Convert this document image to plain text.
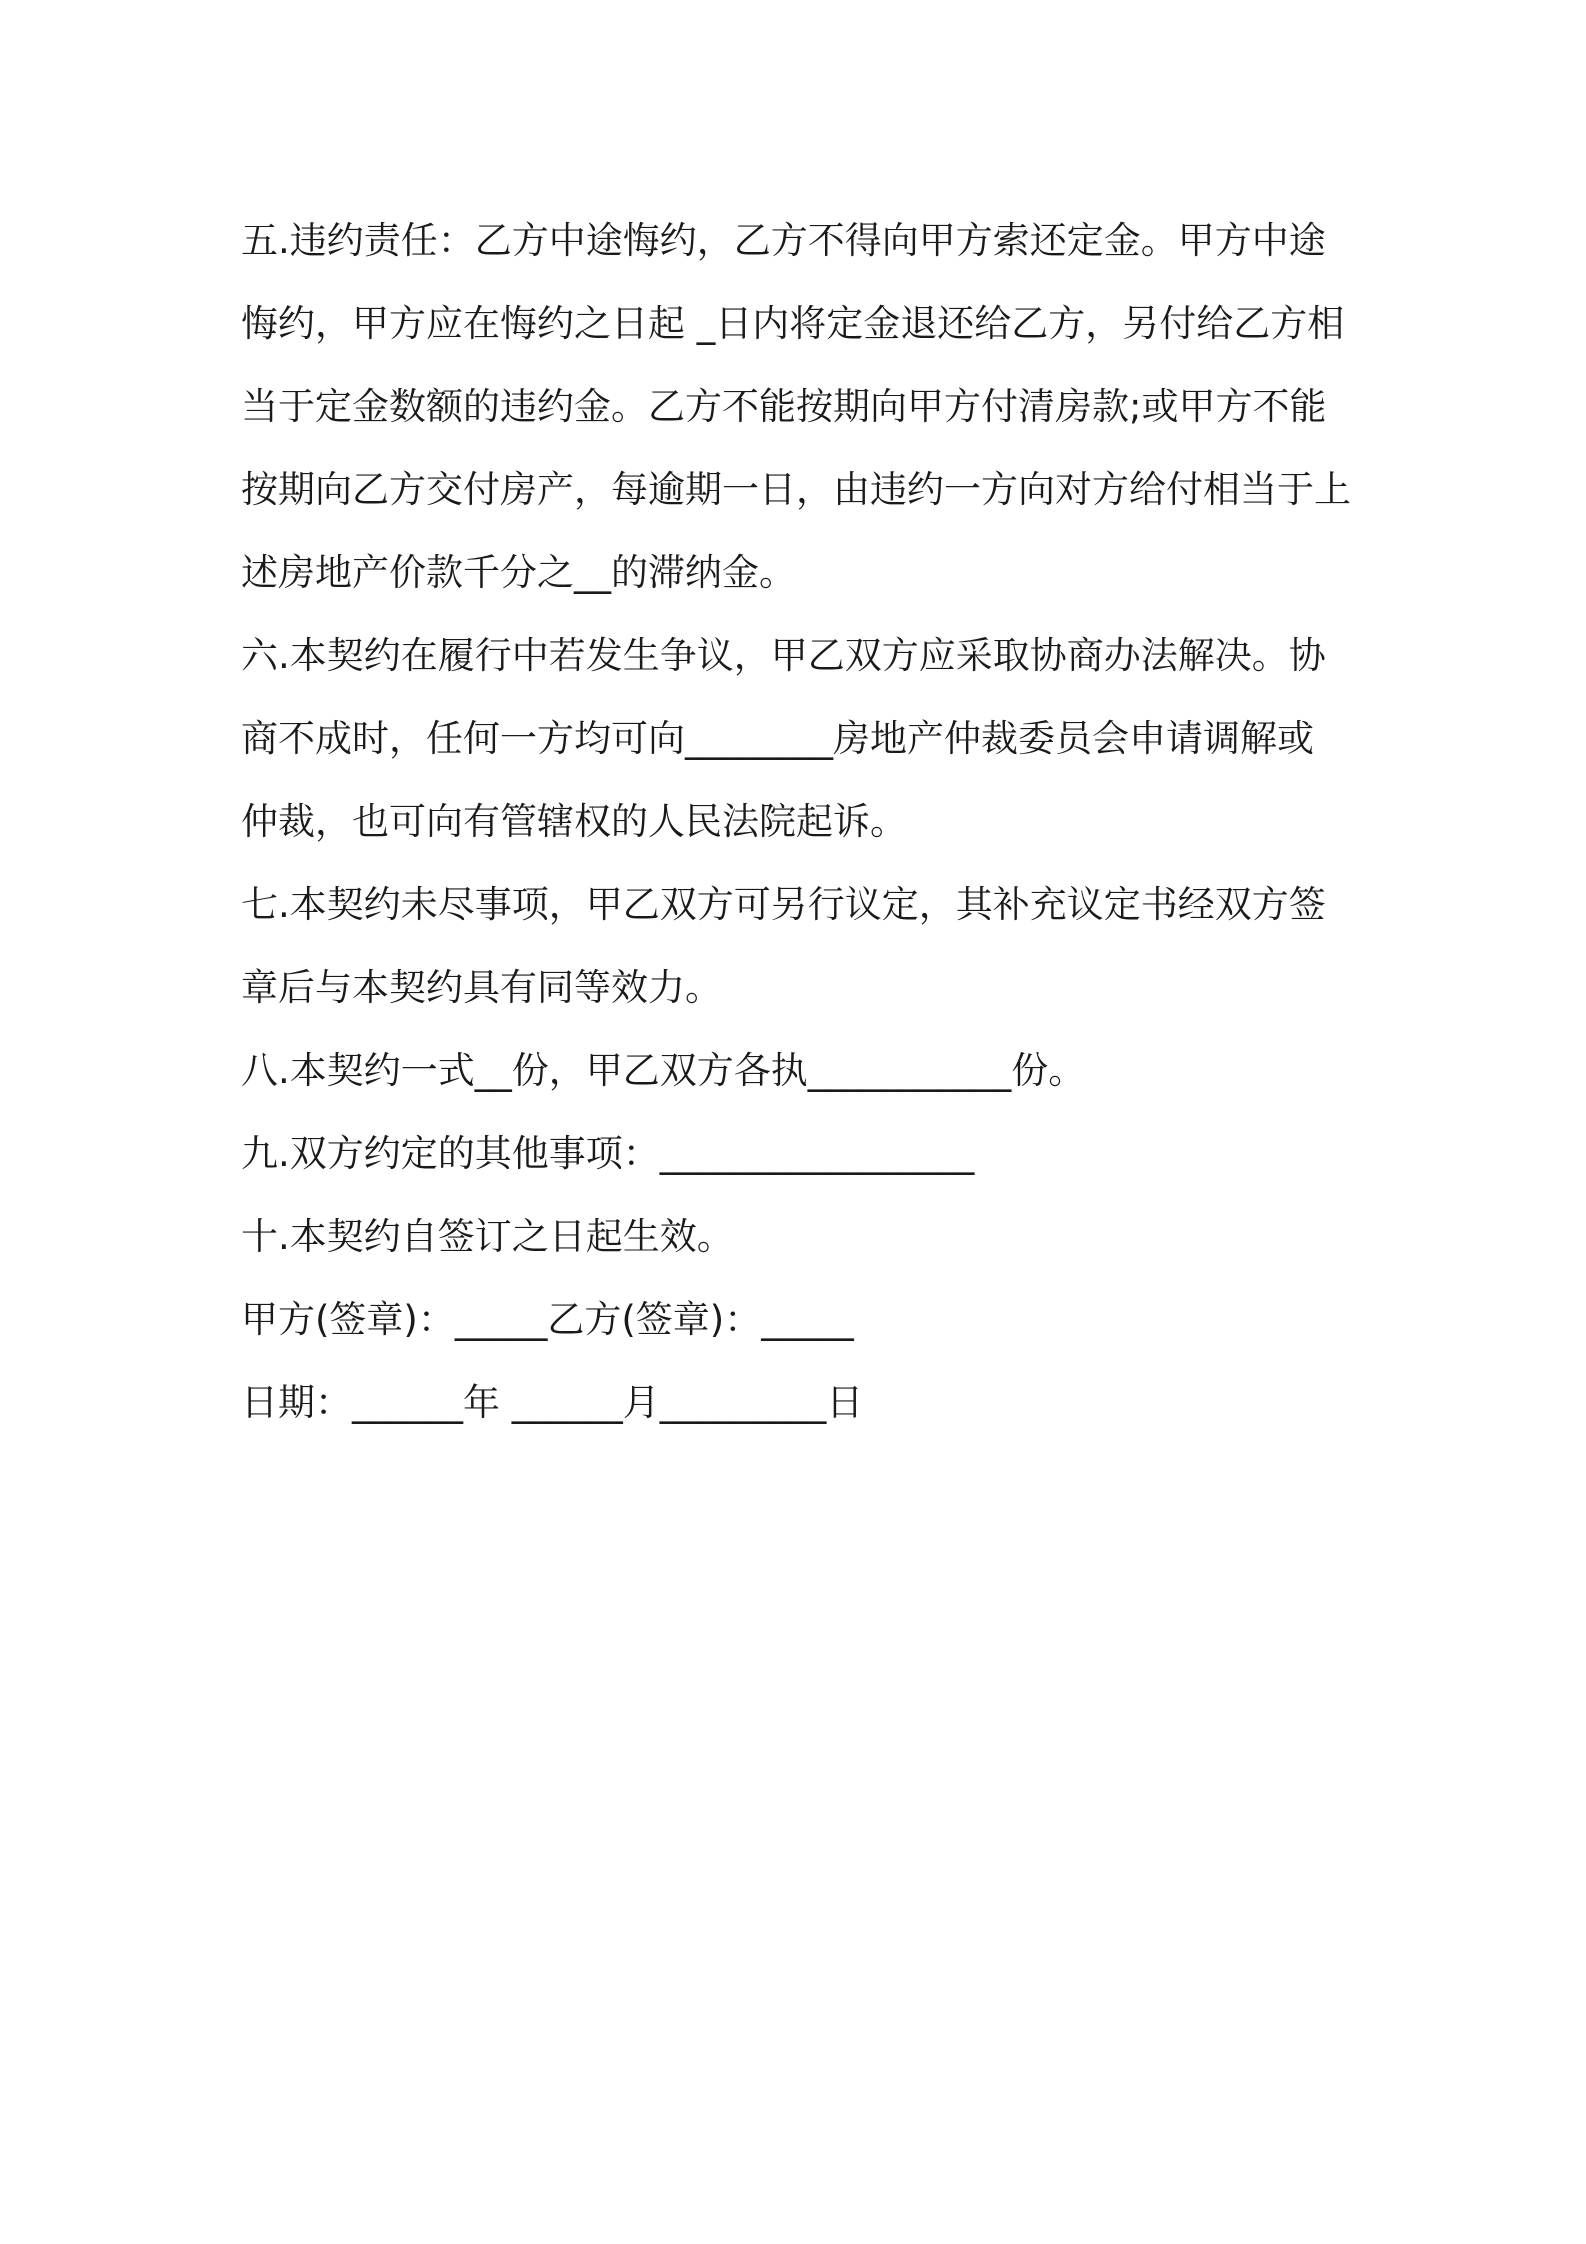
五.违约责任：乙方中途悔约，乙方不得向甲方索还定金。甲方中途
悔约，甲方应在悔约之日起 _日内将定金退还给乙方，另付给乙方相
当于定金数额的违约金。乙方不能按期向甲方付清房款;或甲方不能
按期向乙方交付房产，每逾期一日，由违约一方向对方给付相当于上
述房地产价款千分之__的滞纳金。
六.本契约在履行中若发生争议，甲乙双方应采取协商办法解决。协
商不成时，任何一方均可向________房地产仲裁委员会申请调解或
仲裁，也可向有管辖权的人民法院起诉。
七.本契约未尽事项，甲乙双方可另行议定，其补充议定书经双方签
章后与本契约具有同等效力。
八.本契约一式__份，甲乙双方各执___________份。
九.双方约定的其他事项：_________________
十.本契约自签订之日起生效。
甲方(签章)：_____乙方(签章)：_____
日期：______年 ______月_________日
